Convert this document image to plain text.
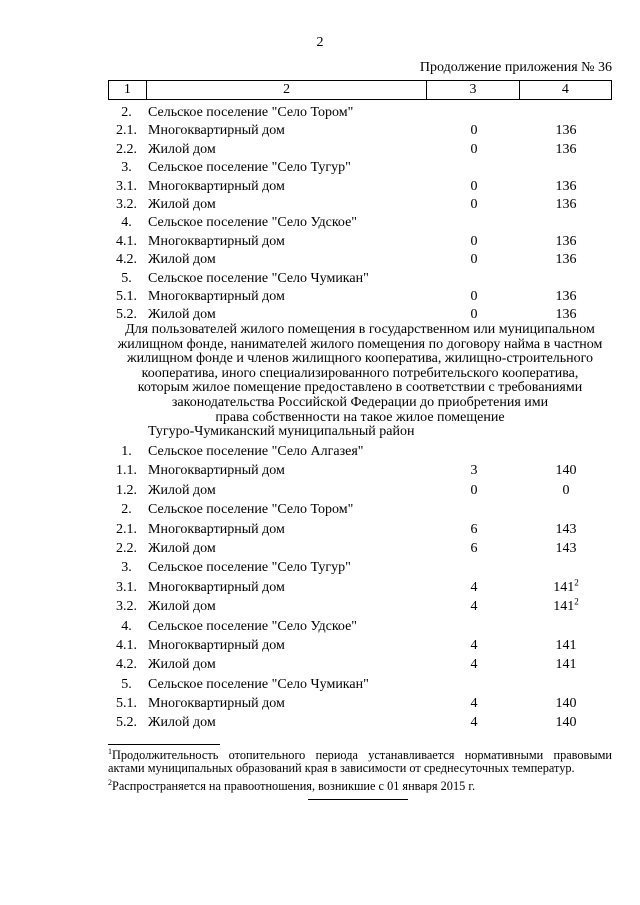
2
Продолжение приложения № 36
1	2	3	4
2.	Сельское поселение "Село Тором"
2.1. Многоквартирный дом	0	136
2.2. Жилой дом	0	136
3.	Сельское поселение "Село Тугур"
3.1. Многоквартирный дом	0	136
3.2. Жилой дом	0	136
4.	Сельское поселение "Село Удское"
4.1. Многоквартирный дом	0	136
4.2. Жилой дом	0	136
5.	Сельское поселение "Село Чумикан"
5.1. Многоквартирный дом	0	136
5.2. Жилой дом	0	136
Для пользователей жилого помещения в государственном или муниципальном
жилищном фонде, нанимателей жилого помещения по договору найма в частном
жилищном фонде и членов жилищного кооператива, жилищно-строительного
кооператива, иного специализированного потребительского кооператива,
которым жилое помещение предоставлено в соответствии с требованиями
законодательства Российской Федерации до приобретения ими
права собственности на такое жилое помещение
Тугуро-Чумиканский муниципальный район
1.	Сельское поселение "Село Алгазея"
1.1. Многоквартирный дом	3	140
1.2. Жилой дом	0	0
2.	Сельское поселение "Село Тором"
2.1. Многоквартирный дом	6	143
2.2. Жилой дом	6	143
3.	Сельское поселение "Село Тугур"
3.1. Многоквартирный дом	4	$141^2$
3.2. Жилой дом	4	$141^2$
4.	Сельское поселение "Село Удское"
4.1. Многоквартирный дом	4	141
4.2. Жилой дом	4	141
5.	Сельское поселение "Село Чумикан"
5.1. Многоквартирный дом	4	140
5.2. Жилой дом	4	140
$^1$Продолжительность отопительного периода устанавливается нормативными правовыми актами муниципальных образований края в зависимости от среднесуточных температур.
$^2$Распространяется на правоотношения, возникшие с 01 января 2015 г.
